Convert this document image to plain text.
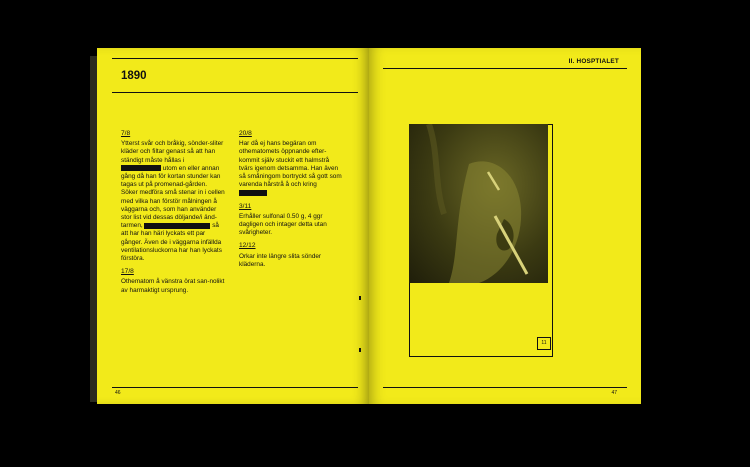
1890

7/8
Ytterst svår och bråkig, sönder-sliter kläder och filtar genast så att han ständigt måste hållas i  utom en eller annan gång då han för kortan stunder kan tagas ut på promenad-gården. Söker medföra små stenar in i cellen med vilka han förstör målningen å väggarna och, som han använder stor list vid dessas döljande/i änd-tarmen,	så att har han häri lyckats ett par gånger. Även de i väggarna infällda ventilationsluckorna har han lyckats förstöra.

17/8
Othematom å vänstra örat san-nolikt av harmaktigt ursprung.

20/8
Har då ej hans begäran om othematomets öppnande efter-kommit själv stuckit ett halmstrå tvärs igenom detsamma. Han även så småningom bortryckt så gott som varenda hårstrå å och kring

3/11
Erhåller sulfonal 0.50 g, 4 ggr dagligen och intager detta utan svårigheter.

12/12
Orkar inte längre slita sönder kläderna.

46
II. HOSPTIALET
11
47
